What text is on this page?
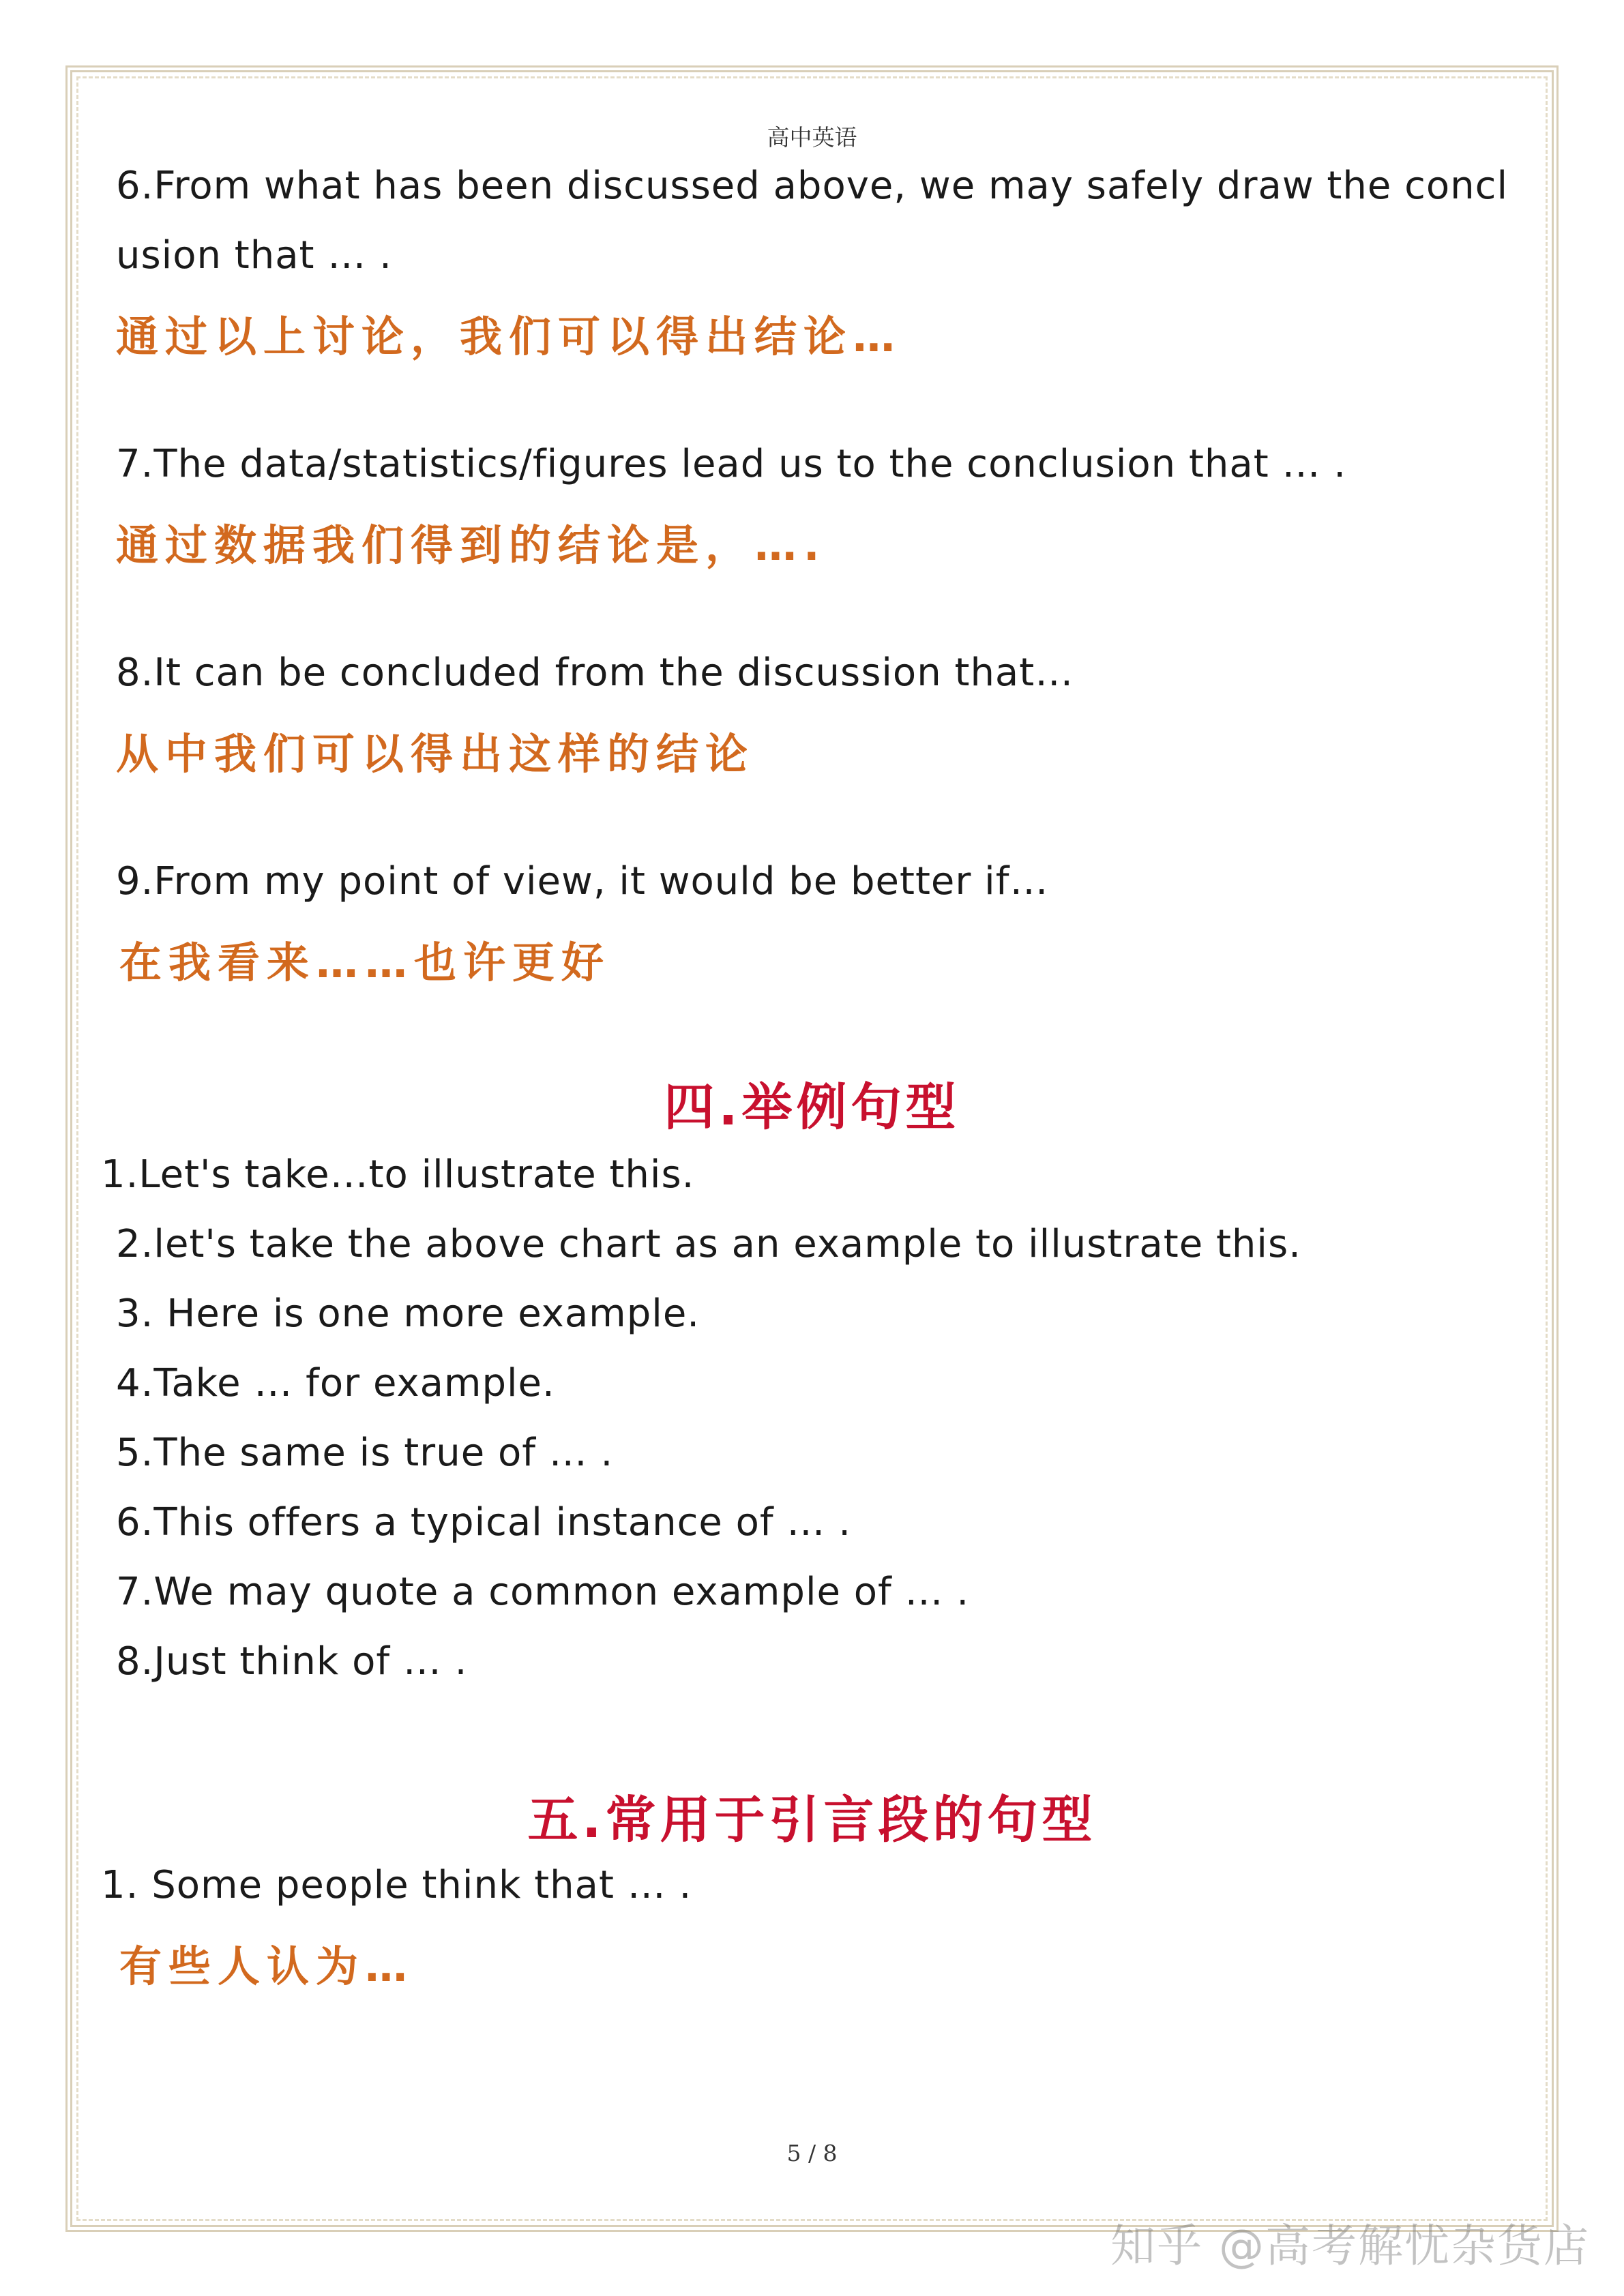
高中英语
6.From what has been discussed above, we may safely draw the concl
usion that … .
通过以上讨论，我们可以得出结论…
7.The data/statistics/figures lead us to the conclusion that … .
通过数据我们得到的结论是，….
8.It can be concluded from the discussion that…
从中我们可以得出这样的结论
9.From my point of view, it would be better if…
在我看来……也许更好
四.举例句型
1.Let's take…to illustrate this.
2.let's take the above chart as an example to illustrate this.
3. Here is one more example.
4.Take … for example.
5.The same is true of … .
6.This offers a typical instance of … .
7.We may quote a common example of … .
8.Just think of … .
五.常用于引言段的句型
1. Some people think that … .
有些人认为…
5 / 8
知乎 @高考解忧杂货店
